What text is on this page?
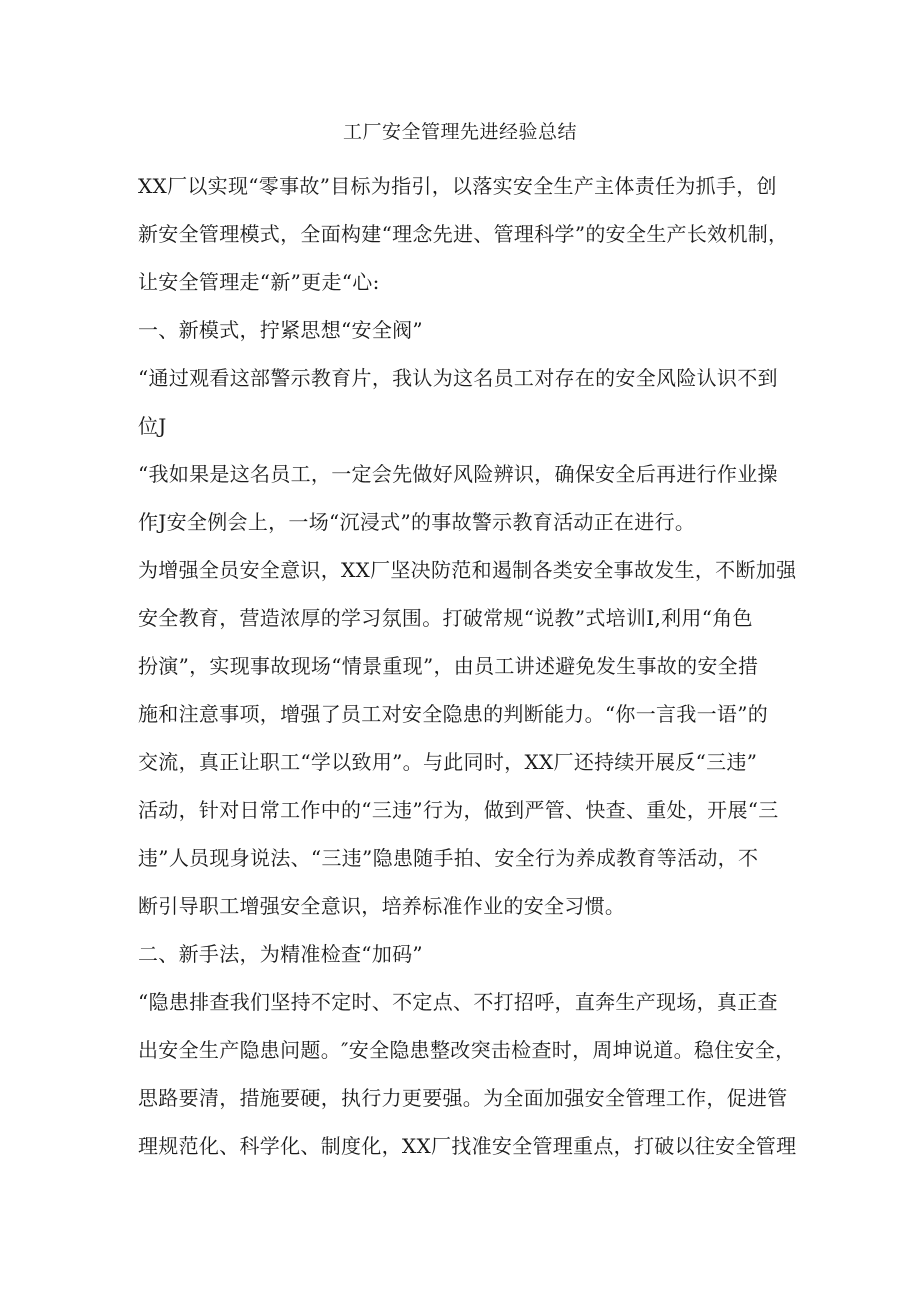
工厂安全管理先进经验总结
XX厂以实现“零事故”目标为指引，以落实安全生产主体责任为抓手，创
新安全管理模式，全面构建“理念先进、管理科学”的安全生产长效机制，
让安全管理走“新”更走“心:
一、新模式，拧紧思想“安全阀”
“通过观看这部警示教育片，我认为这名员工对存在的安全风险认识不到
位J
“我如果是这名员工，一定会先做好风险辨识，确保安全后再进行作业操
作J安全例会上，一场“沉浸式”的事故警示教育活动正在进行。
为增强全员安全意识，XX厂坚决防范和遏制各类安全事故发生，不断加强
安全教育，营造浓厚的学习氛围。打破常规“说教”式培训I,利用“角色
扮演”，实现事故现场“情景重现”，由员工讲述避免发生事故的安全措
施和注意事项，增强了员工对安全隐患的判断能力。“你一言我一语”的
交流，真正让职工“学以致用”。与此同时，XX厂还持续开展反“三违”
活动，针对日常工作中的“三违”行为，做到严管、快查、重处，开展“三
违”人员现身说法、“三违”隐患随手拍、安全行为养成教育等活动，不
断引导职工增强安全意识，培养标准作业的安全习惯。
二、新手法，为精准检查“加码”
“隐患排查我们坚持不定时、不定点、不打招呼，直奔生产现场，真正查
出安全生产隐患问题。″安全隐患整改突击检查时，周坤说道。稳住安全，
思路要清，措施要硬，执行力更要强。为全面加强安全管理工作，促进管
理规范化、科学化、制度化，XX厂找准安全管理重点，打破以往安全管理
